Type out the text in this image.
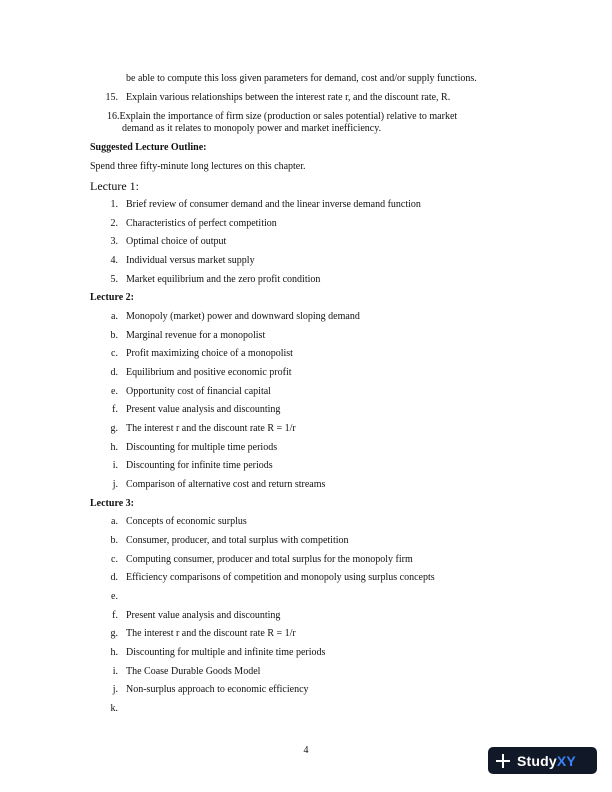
be able to compute this loss given parameters for demand, cost and/or supply functions.
15. Explain various relationships between the interest rate r, and the discount rate, R.
16.Explain the importance of firm size (production or sales potential) relative to market
demand as it relates to monopoly power and market inefficiency.
Suggested Lecture Outline:
Spend three fifty-minute long lectures on this chapter.
Lecture 1:
1. Brief review of consumer demand and the linear inverse demand function
2. Characteristics of perfect competition
3. Optimal choice of output
4. Individual versus market supply
5. Market equilibrium and the zero profit condition
Lecture 2:
a. Monopoly (market) power and downward sloping demand
b. Marginal revenue for a monopolist
c. Profit maximizing choice of a monopolist
d. Equilibrium and positive economic profit
e. Opportunity cost of financial capital
f. Present value analysis and discounting
g. The interest r and the discount rate R = 1/r
h. Discounting for multiple time periods
i. Discounting for infinite time periods
j. Comparison of alternative cost and return streams
Lecture 3:
a. Concepts of economic surplus
b. Consumer, producer, and total surplus with competition
c. Computing consumer, producer and total surplus for the monopoly firm
d. Efficiency comparisons of competition and monopoly using surplus concepts
e.
f. Present value analysis and discounting
g. The interest r and the discount rate R = 1/r
h. Discounting for multiple and infinite time periods
i. The Coase Durable Goods Model
j. Non-surplus approach to economic efficiency
k.
4
StudyXY
